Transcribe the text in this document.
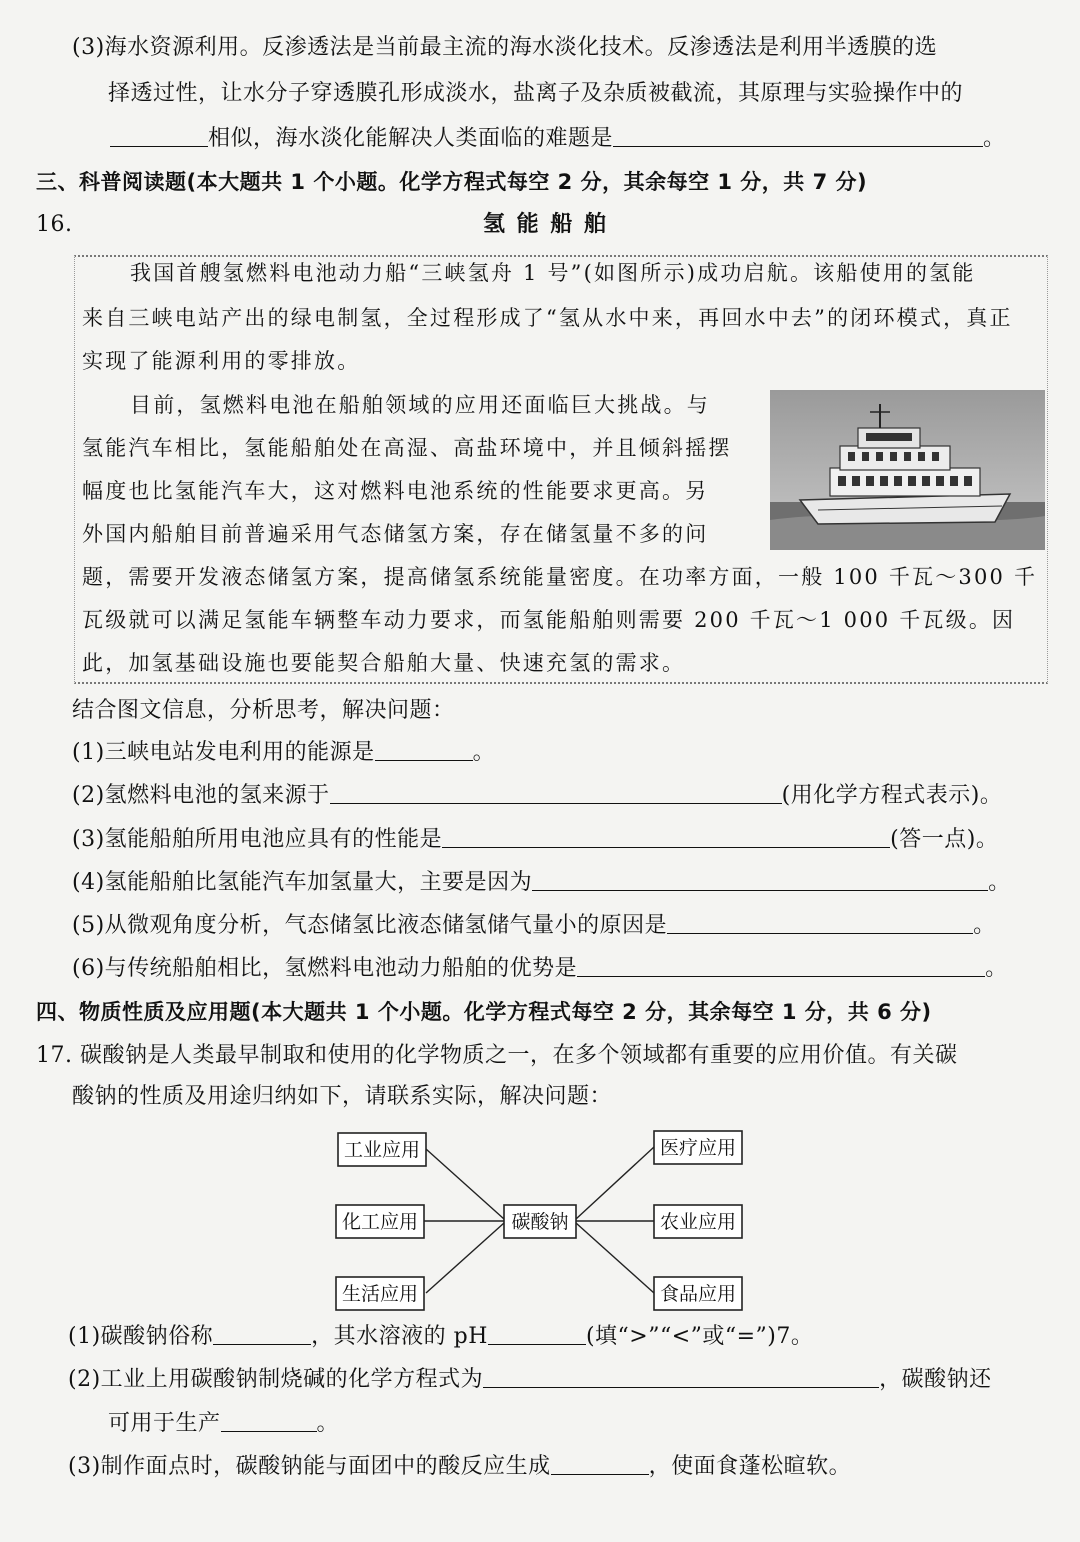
(3)海水资源利用。反渗透法是当前最主流的海水淡化技术。反渗透法是利用半透膜的选
择透过性，让水分子穿透膜孔形成淡水，盐离子及杂质被截流，其原理与实验操作中的
相似，海水淡化能解决人类面临的难题是	。
三、科普阅读题(本大题共 1 个小题。化学方程式每空 2 分，其余每空 1 分，共 7 分)
16.	氢 能 船 舶
我国首艘氢燃料电池动力船“三峡氢舟 1 号”(如图所示)成功启航。该船使用的氢能
来自三峡电站产出的绿电制氢，全过程形成了“氢从水中来，再回水中去”的闭环模式，真正
实现了能源利用的零排放。
目前，氢燃料电池在船舶领域的应用还面临巨大挑战。与
氢能汽车相比，氢能船舶处在高湿、高盐环境中，并且倾斜摇摆
幅度也比氢能汽车大，这对燃料电池系统的性能要求更高。另
外国内船舶目前普遍采用气态储氢方案，存在储氢量不多的问
题，需要开发液态储氢方案，提高储氢系统能量密度。在功率方面，一般 100 千瓦～300 千
瓦级就可以满足氢能车辆整车动力要求，而氢能船舶则需要 200 千瓦～1 000 千瓦级。因
此，加氢基础设施也要能契合船舶大量、快速充氢的需求。
结合图文信息，分析思考，解决问题：
(1)三峡电站发电利用的能源是	。
(2)氢燃料电池的氢来源于	(用化学方程式表示)。
(3)氢能船舶所用电池应具有的性能是	(答一点)。
(4)氢能船舶比氢能汽车加氢量大，主要是因为	。
(5)从微观角度分析，气态储氢比液态储氢储气量小的原因是	。
(6)与传统船舶相比，氢燃料电池动力船舶的优势是	。
四、物质性质及应用题(本大题共 1 个小题。化学方程式每空 2 分，其余每空 1 分，共 6 分)
17. 碳酸钠是人类最早制取和使用的化学物质之一，在多个领域都有重要的应用价值。有关碳
酸钠的性质及用途归纳如下，请联系实际，解决问题：
工业应用
化工应用
生活应用
碳酸钠
医疗应用
农业应用
食品应用
(1)碳酸钠俗称	，其水溶液的 pH	(填“>”“<”或“=”)7。
(2)工业上用碳酸钠制烧碱的化学方程式为	，碳酸钠还
可用于生产	。
(3)制作面点时，碳酸钠能与面团中的酸反应生成	，使面食蓬松暄软。
